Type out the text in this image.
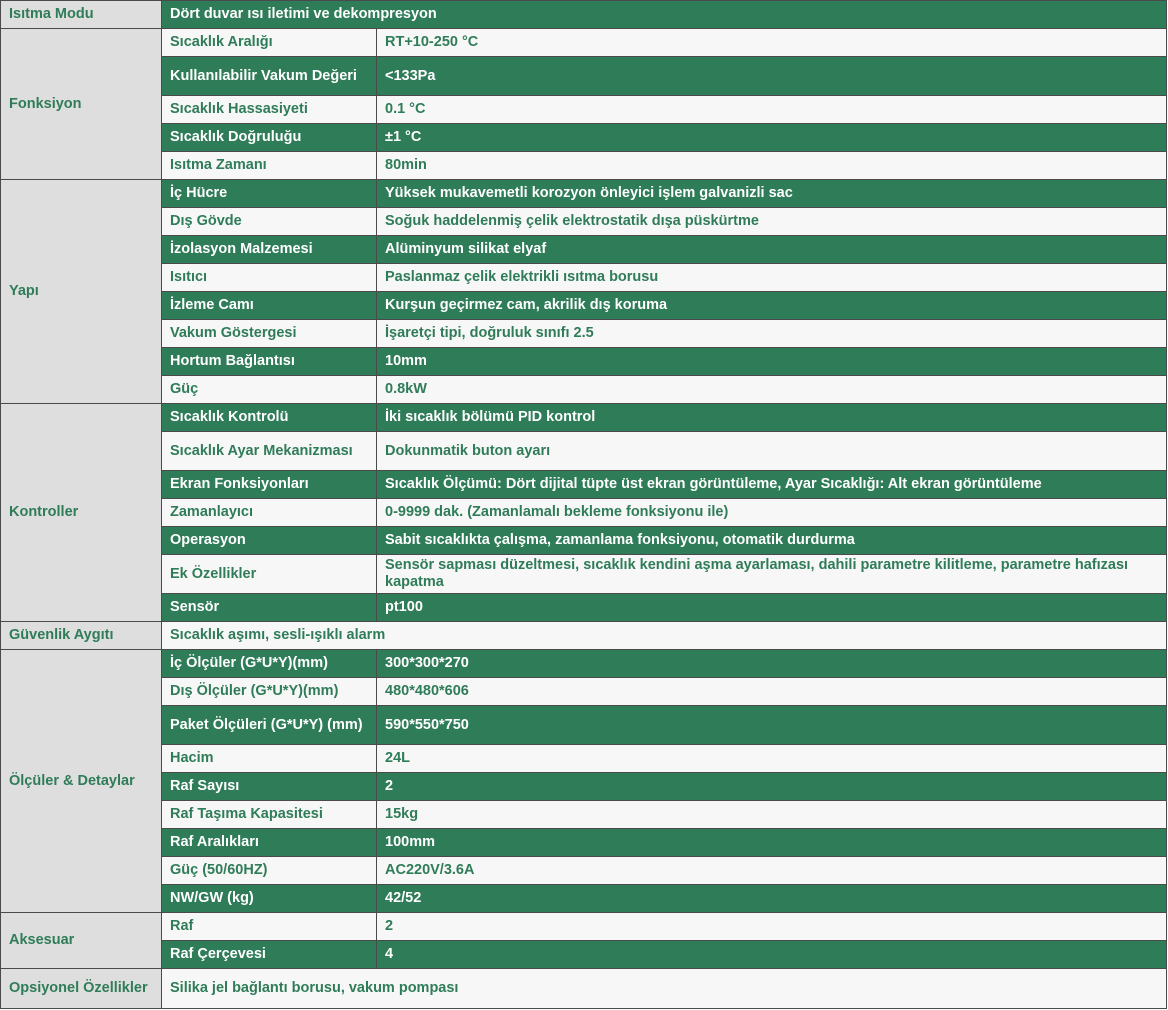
Isıtma Modu	Dört duvar ısı iletimi ve dekompresyon	
Fonksiyon	Sıcaklık Aralığı	RT+10-250 °C
	Kullanılabilir Vakum Değeri	<133Pa
	Sıcaklık Hassasiyeti	0.1 °C
	Sıcaklık Doğruluğu	±1 °C
	Isıtma Zamanı	80min
Yapı	İç Hücre	Yüksek mukavemetli korozyon önleyici işlem galvanizli sac
	Dış Gövde	Soğuk haddelenmiş çelik elektrostatik dışa püskürtme
	İzolasyon Malzemesi	Alüminyum silikat elyaf
	Isıtıcı	Paslanmaz çelik elektrikli ısıtma borusu
	İzleme Camı	Kurşun geçirmez cam, akrilik dış koruma
	Vakum Göstergesi	İşaretçi tipi, doğruluk sınıfı 2.5
	Hortum Bağlantısı	10mm
	Güç	0.8kW
Kontroller	Sıcaklık Kontrolü	İki sıcaklık bölümü PID kontrol
	Sıcaklık Ayar Mekanizması	Dokunmatik buton ayarı
	Ekran Fonksiyonları	Sıcaklık Ölçümü: Dört dijital tüpte üst ekran görüntüleme, Ayar Sıcaklığı: Alt ekran görüntüleme
	Zamanlayıcı	0-9999 dak. (Zamanlamalı bekleme fonksiyonu ile)
	Operasyon	Sabit sıcaklıkta çalışma, zamanlama fonksiyonu, otomatik durdurma
	Ek Özellikler	Sensör sapması düzeltmesi, sıcaklık kendini aşma ayarlaması, dahili parametre kilitleme, parametre hafızası kapatma
	Sensör	pt100
Güvenlik Aygıtı	Sıcaklık aşımı, sesli-ışıklı alarm	
Ölçüler & Detaylar	İç Ölçüler (G*U*Y)(mm)	300*300*270
	Dış Ölçüler (G*U*Y)(mm)	480*480*606
	Paket Ölçüleri (G*U*Y) (mm)	590*550*750
	Hacim	24L
	Raf Sayısı	2
	Raf Taşıma Kapasitesi	15kg
	Raf Aralıkları	100mm
	Güç (50/60HZ)	AC220V/3.6A
	NW/GW (kg)	42/52
Aksesuar	Raf	2
	Raf Çerçevesi	4
Opsiyonel Özellikler	Silika jel bağlantı borusu, vakum pompası	
